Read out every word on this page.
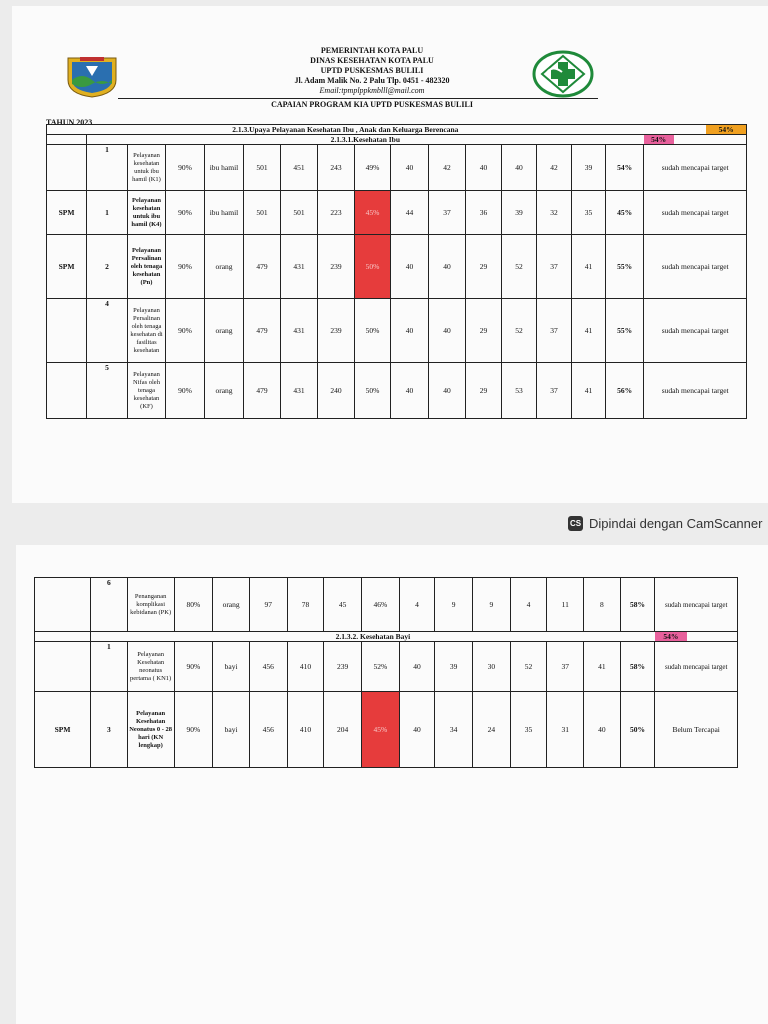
PEMERINTAH KOTA PALU
DINAS KESEHATAN KOTA PALU
UPTD PUSKESMAS BULILI
Jl. Adam Malik No. 2 Palu Tlp. 0451 - 482320
Email:tpmplppkmblll@mail.com
CAPAIAN PROGRAM KIA UPTD PUSKESMAS BULILI
TAHUN 2023
2.1.3.Upaya Pelayanan Kesehatan Ibu , Anak dan Keluarga Berencana																54%
	2.1.3.1.Kesehatan Ibu															54%
	1	Pelayanan kesehatan untuk ibu hamil (K1)	90%	ibu hamil	501	451	243	49%	40	42	40	40	42	39	54%	sudah mencapai target
SPM	1	Pelayanan kesehatan untuk ibu hamil (K4)	90%	ibu hamil	501	501	223	45%	44	37	36	39	32	35	45%	sudah mencapai target
SPM	2	Pelayanan Persalinan oleh tenaga kesehatan (Pn)	90%	orang	479	431	239	50%	40	40	29	52	37	41	55%	sudah mencapai target
	4	Pelayanan Persalinan oleh tenaga kesehatan di fasilitas kesehatan	90%	orang	479	431	239	50%	40	40	29	52	37	41	55%	sudah mencapai target
	5	Pelayanan Nifas oleh tenaga kesehatan (KF)	90%	orang	479	431	240	50%	40	40	29	53	37	41	56%	sudah mencapai target
CS Dipindai dengan CamScanner
	6	Penanganan komplikasi kebidanan (PK)	80%	orang	97	78	45	46%	4	9	9	4	11	8	58%	sudah mencapai target
	2.1.3.2. Kesehatan Bayi															54%
	1	Pelayanan Kesehatan neonatus pertama ( KN1)	90%	bayi	456	410	239	52%	40	39	30	52	37	41	58%	sudah mencapai target
SPM	3	Pelayanan Kesehatan Neonatus 0 - 28 hari (KN lengkap)	90%	bayi	456	410	204	45%	40	34	24	35	31	40	50%	Belum Tercapai
